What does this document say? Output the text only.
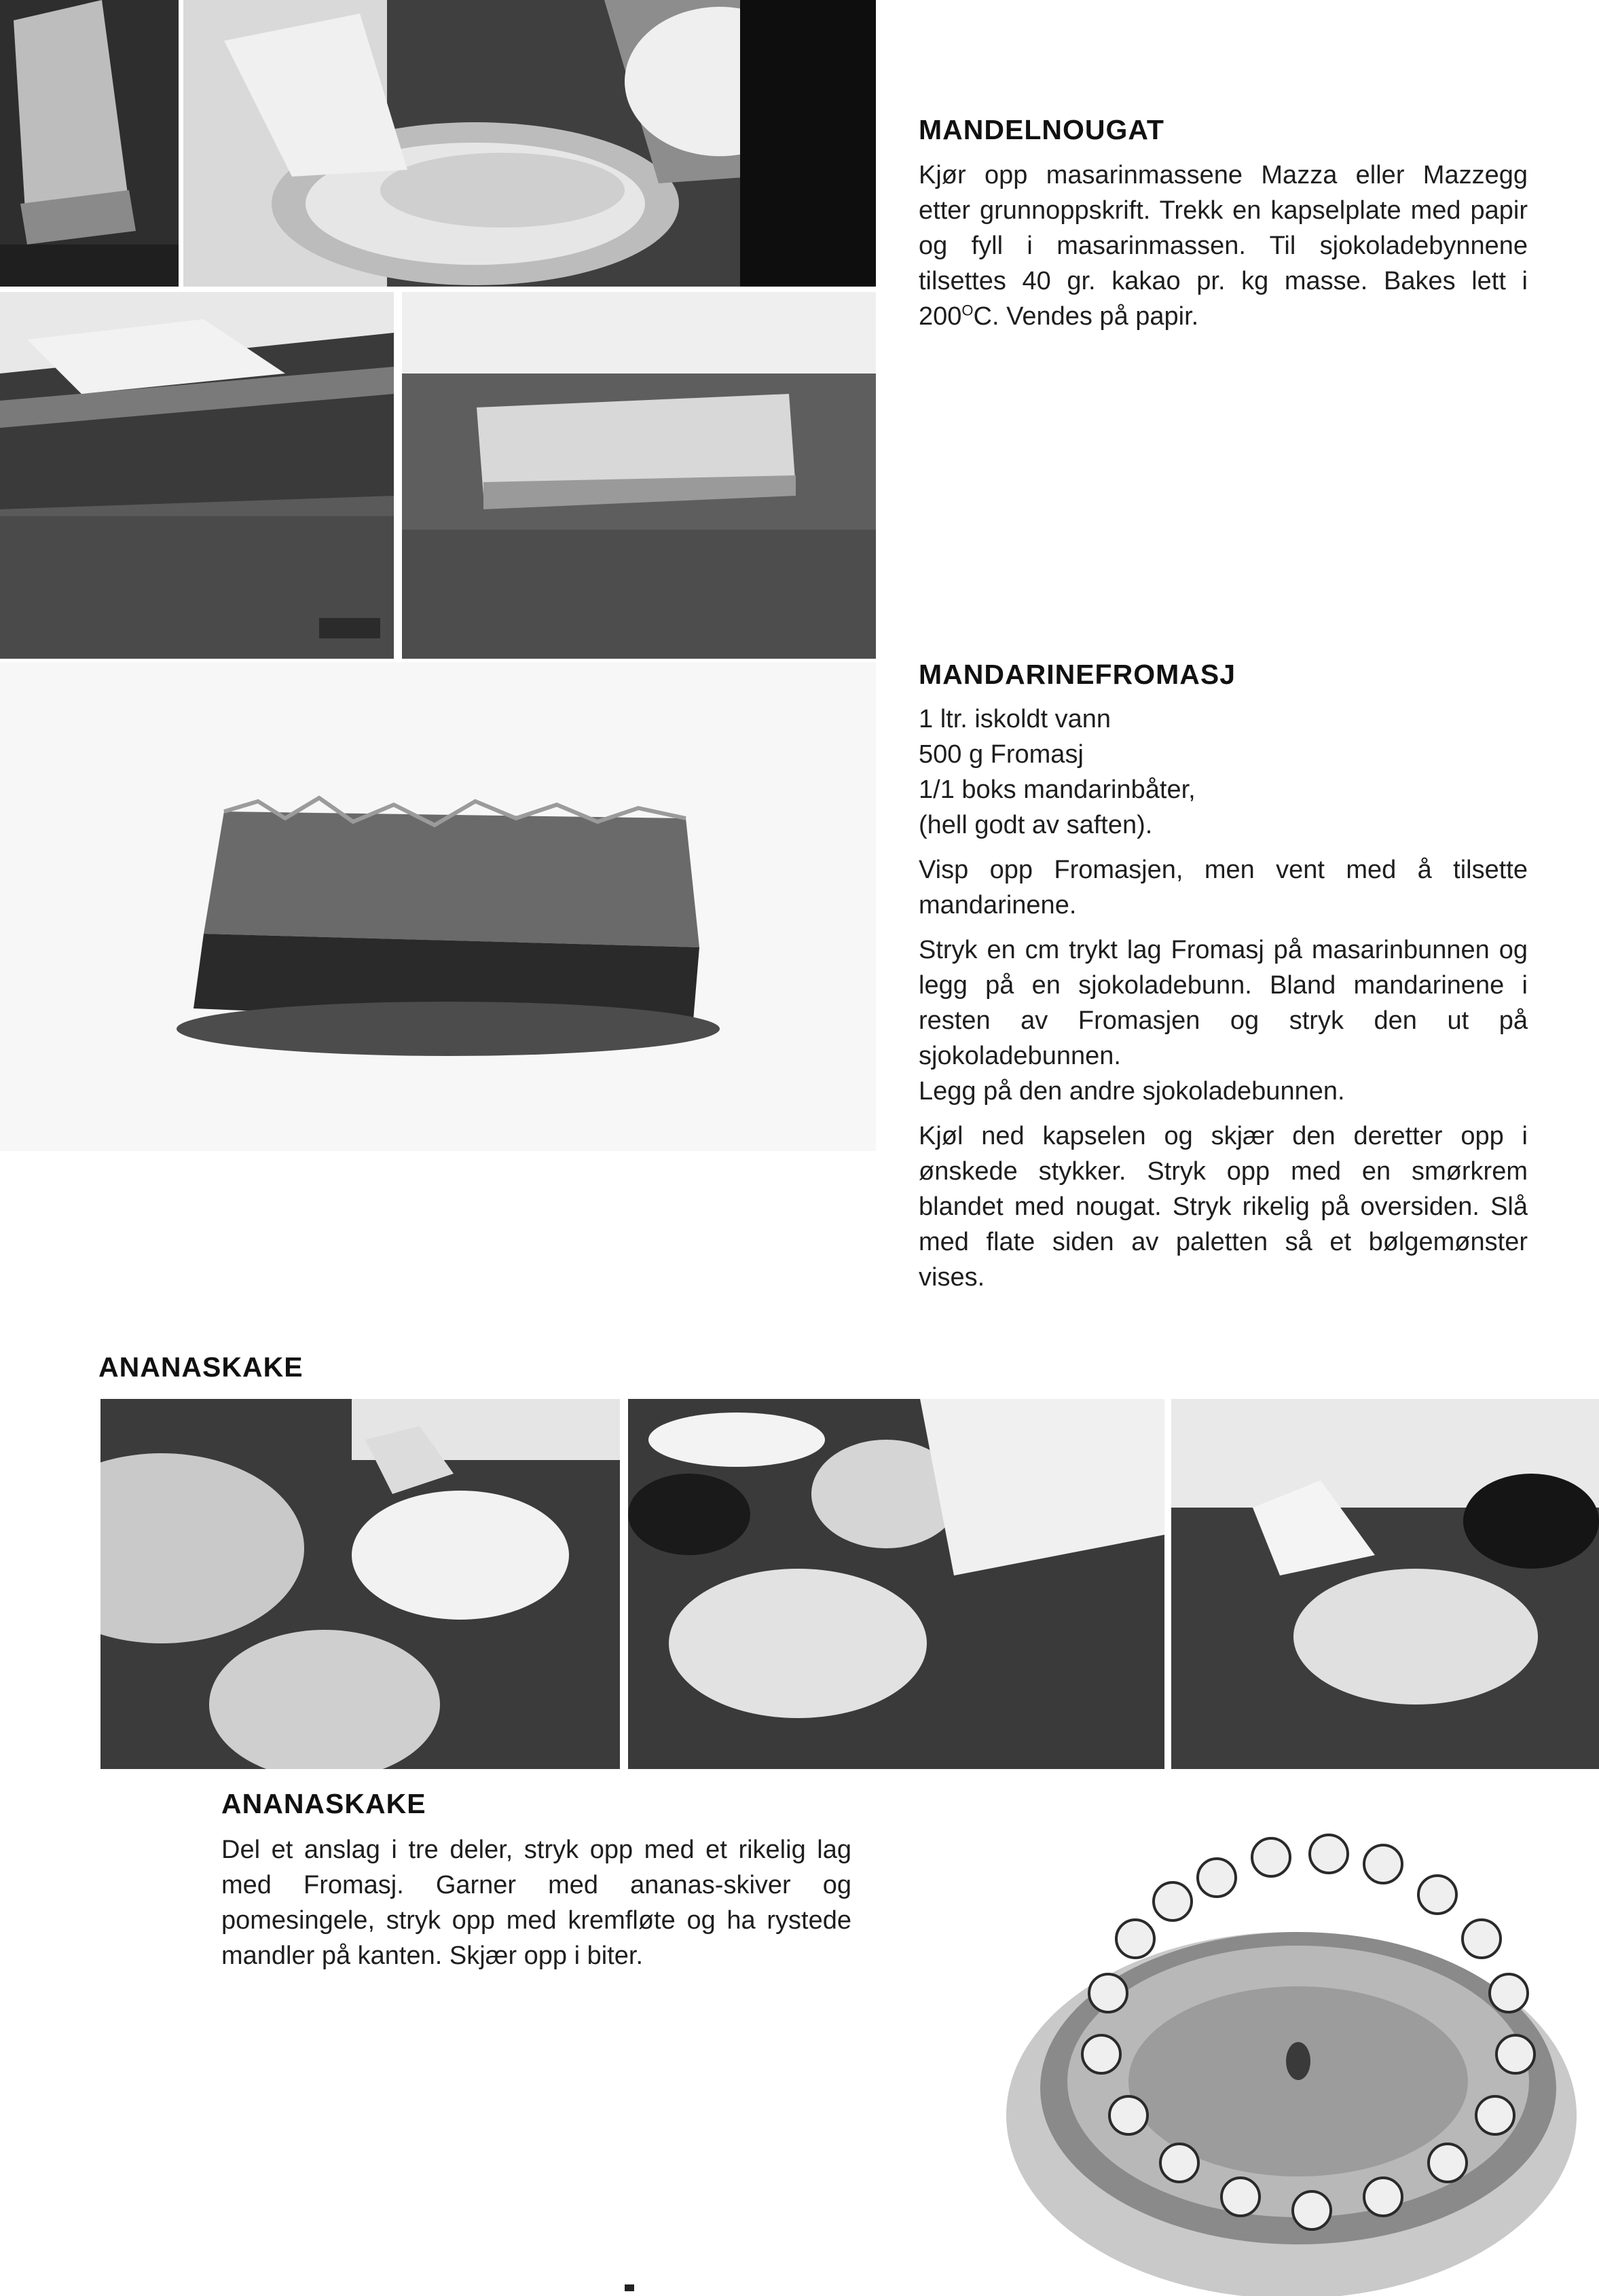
MANDELNOUGAT

Kjør opp masarinmassene Mazza eller Mazzegg etter grunnoppskrift. Trekk en kapselplate med papir og fyll i masarinmassen. Til sjokoladebynnene tilsettes 40 gr. kakao pr. kg masse. Bakes lett i $200^OC$. Vendes på papir.

MANDARINEFROMASJ

1 ltr. iskoldt vann
500 g Fromasj
1/1 boks mandarinbåter,
(hell godt av saften).

Visp opp Fromasjen, men vent med å tilsette mandarinene.

Stryk en cm trykt lag Fromasj på masarinbunnen og legg på en sjokoladebunn. Bland mandarinene i resten av Fromasjen og stryk den ut på sjokoladebunnen.

Legg på den andre sjokoladebunnen.

Kjøl ned kapselen og skjær den deretter opp i ønskede stykker. Stryk opp med en smørkrem blandet med nougat. Stryk rikelig på oversiden. Slå med flate siden av paletten så et bølgemønster vises.

ANANASKAKE
ANANASKAKE

Del et anslag i tre deler, stryk opp med et rikelig lag med Fromasj. Garner med ananas-skiver og pomesingele, stryk opp med kremfløte og ha rystede mandler på kanten. Skjær opp i biter.
